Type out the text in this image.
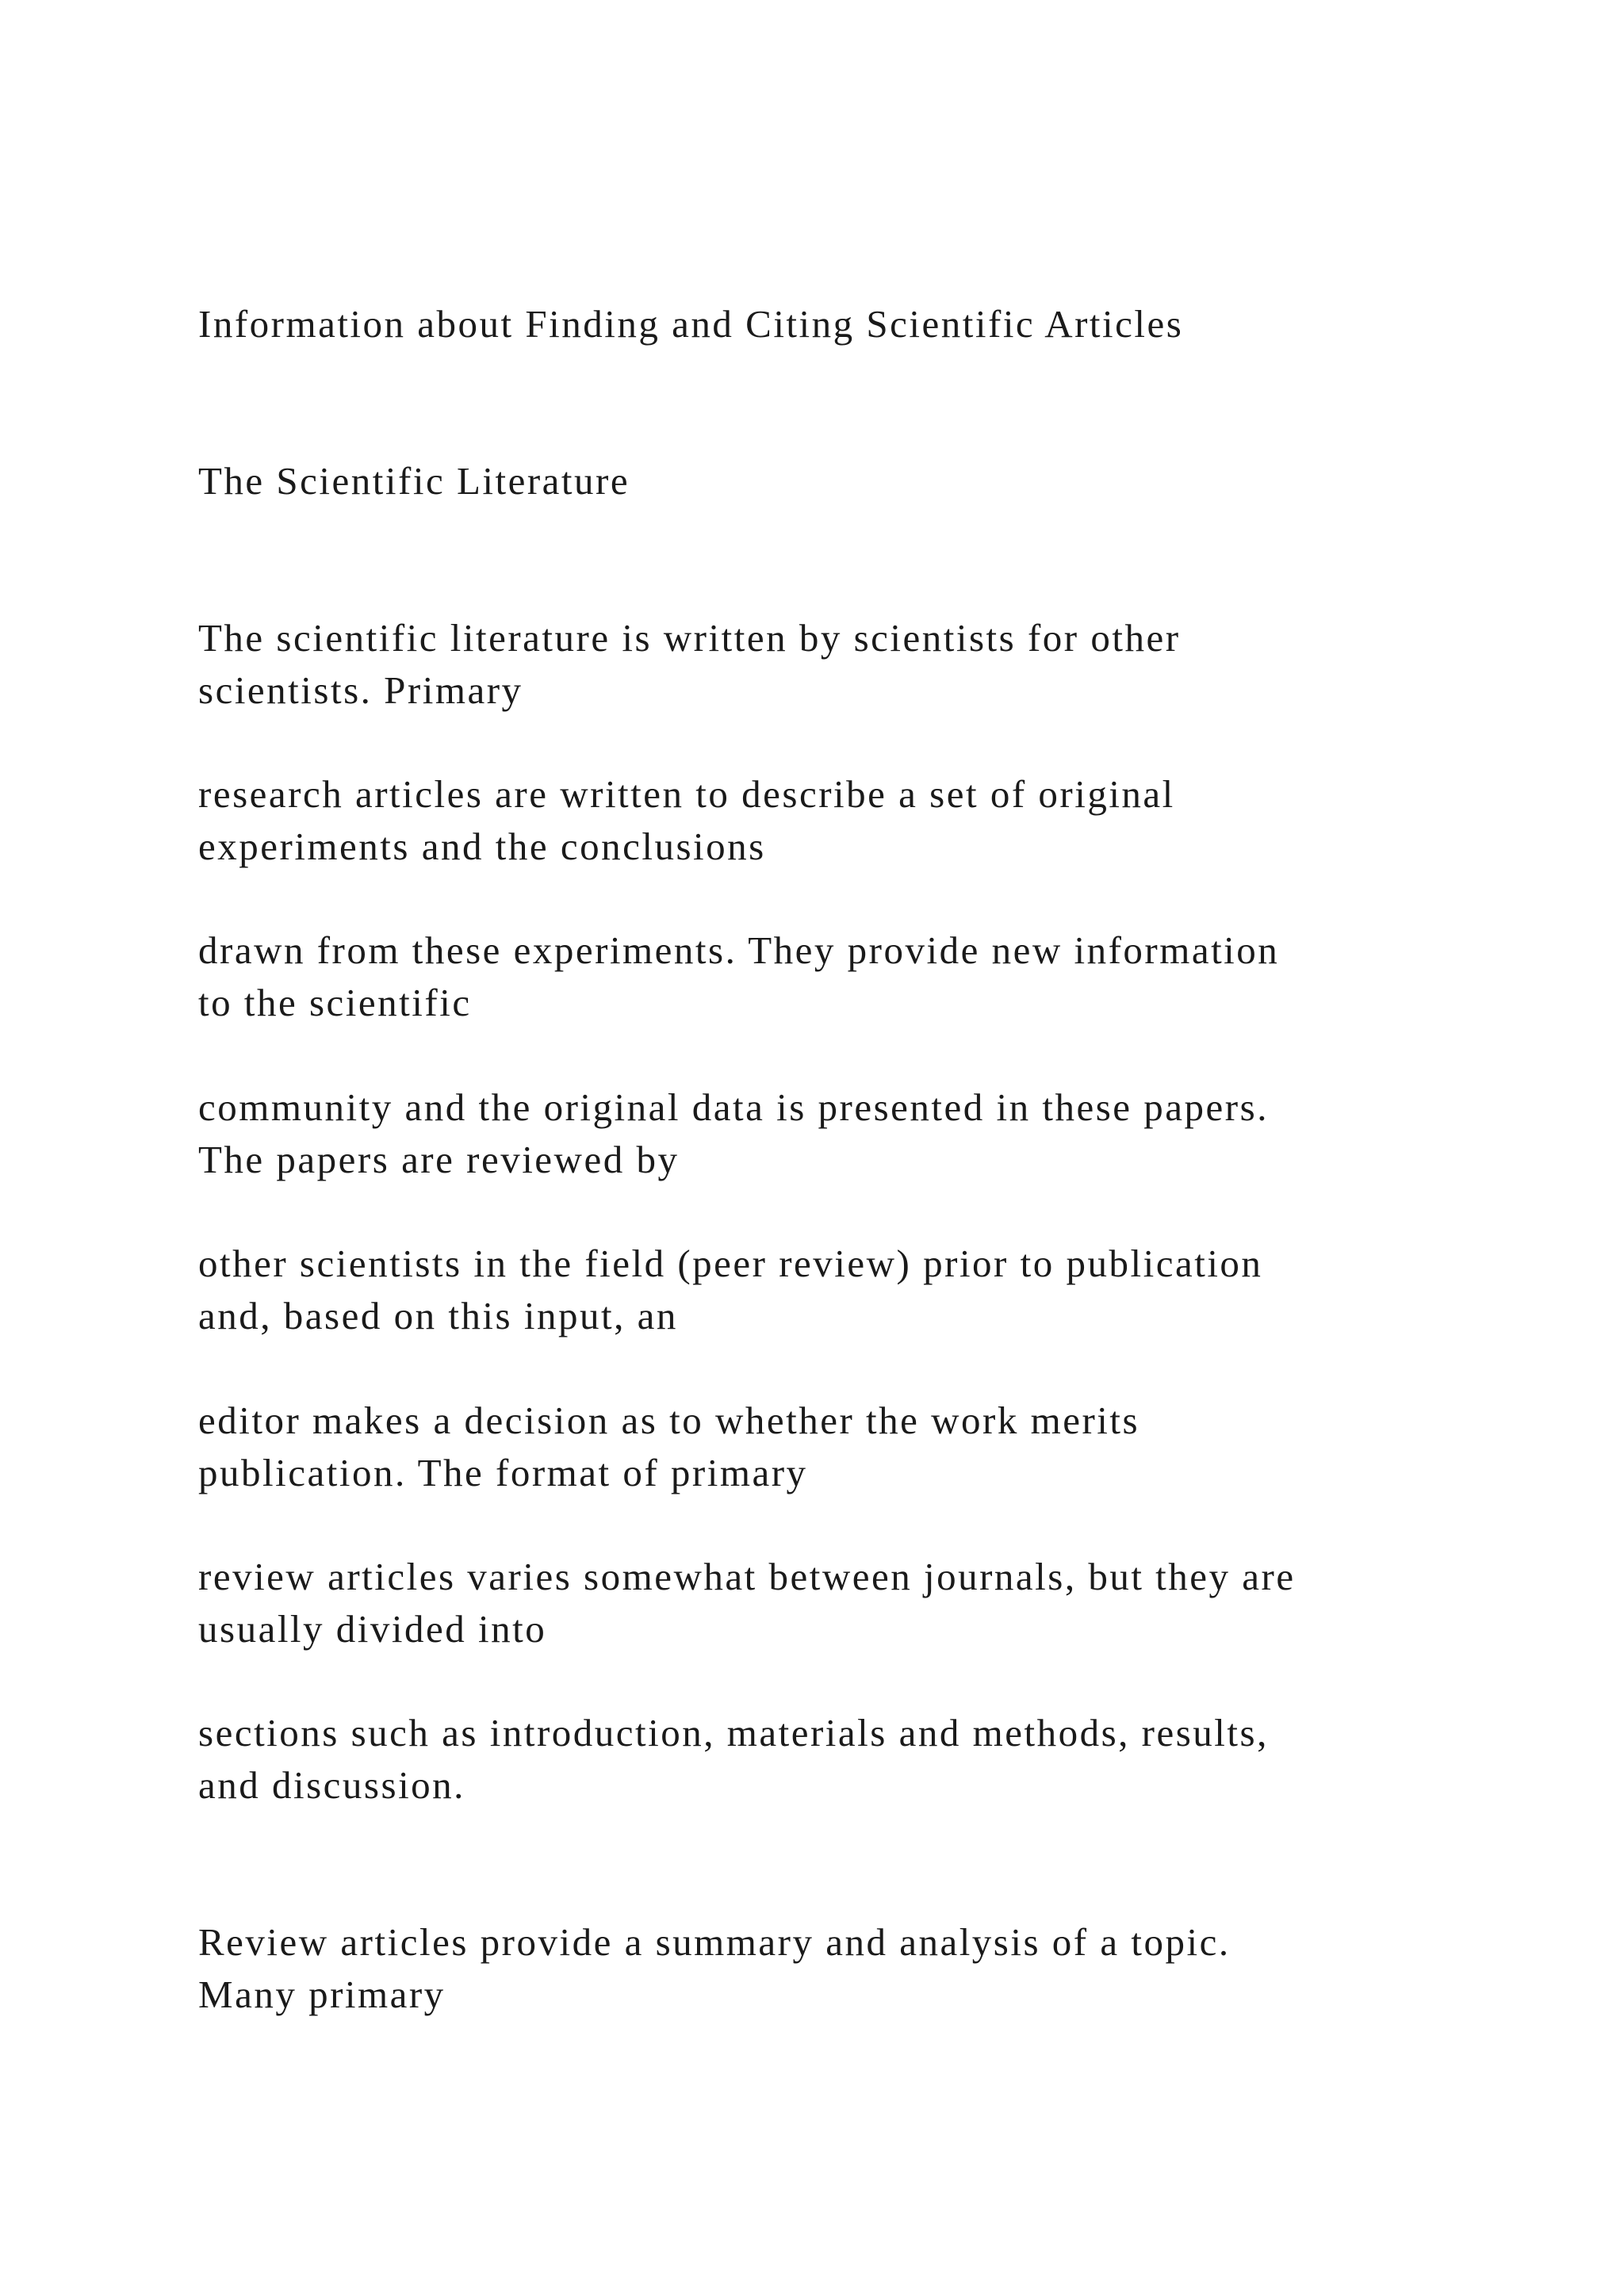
Information about Finding and Citing Scientific Articles

The Scientific Literature

The scientific literature is written by scientists for other
scientists. Primary

research articles are written to describe a set of original
experiments and the conclusions

drawn from these experiments. They provide new information
to the scientific

community and the original data is presented in these papers.
The papers are reviewed by

other scientists in the field (peer review) prior to publication
and, based on this input, an

editor makes a decision as to whether the work merits
publication. The format of primary

review articles varies somewhat between journals, but they are
usually divided into

sections such as introduction, materials and methods, results,
and discussion.

Review articles provide a summary and analysis of a topic.
Many primary
